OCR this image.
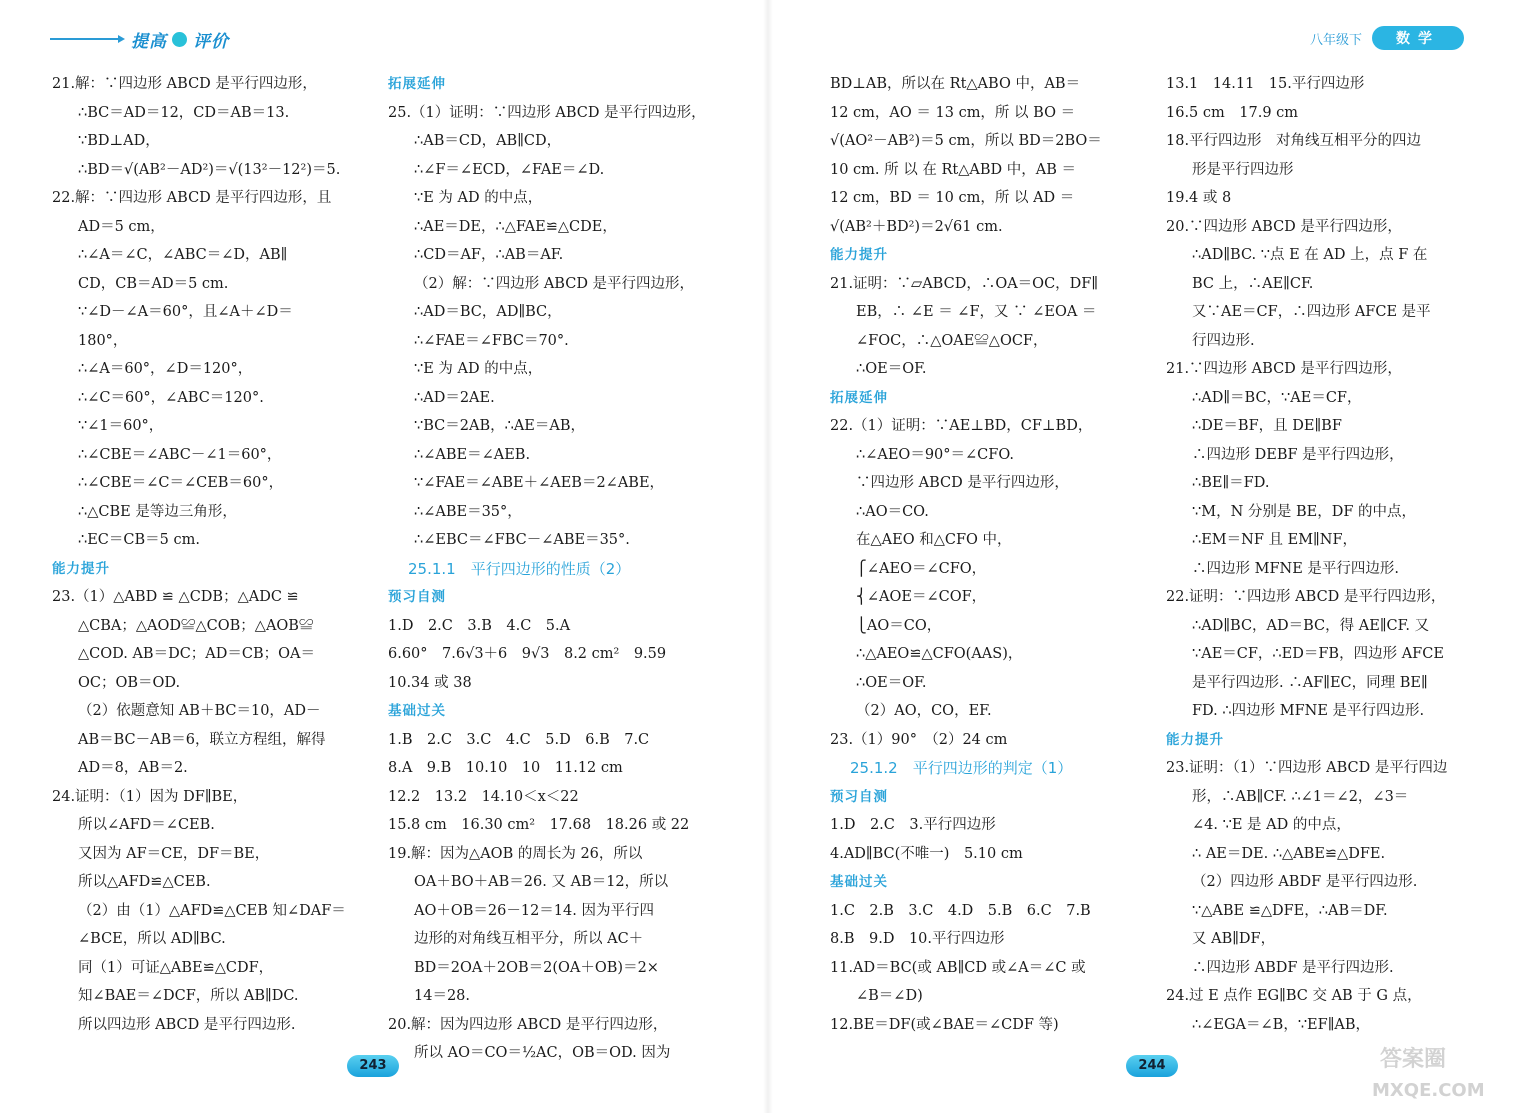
提高 评价
21.解：∵四边形 ABCD 是平行四边形，
∴BC＝AD＝12，CD＝AB＝13.
∵BD⊥AD，
∴BD＝√(AB²－AD²)＝√(13²－12²)＝5.
22.解：∵四边形 ABCD 是平行四边形，且
AD＝5 cm，
∴∠A＝∠C，∠ABC＝∠D，AB∥
CD，CB＝AD＝5 cm.
∵∠D－∠A＝60°，且∠A＋∠D＝
180°，
∴∠A＝60°，∠D＝120°，
∴∠C＝60°，∠ABC＝120°.
∵∠1＝60°，
∴∠CBE＝∠ABC－∠1＝60°，
∴∠CBE＝∠C＝∠CEB＝60°，
∴△CBE 是等边三角形，
∴EC＝CB＝5 cm.
能力提升
23.（1）△ABD ≌ △CDB；△ADC ≌
△CBA；△AOD≌△COB；△AOB≌
△COD. AB＝DC；AD＝CB；OA＝
OC；OB＝OD.
（2）依题意知 AB＋BC＝10，AD－
AB＝BC－AB＝6，联立方程组，解得
AD＝8，AB＝2.
24.证明：（1）因为 DF∥BE，
所以∠AFD＝∠CEB.
又因为 AF＝CE，DF＝BE，
所以△AFD≌△CEB.
（2）由（1）△AFD≌△CEB 知∠DAF＝
∠BCE，所以 AD∥BC.
同（1）可证△ABE≌△CDF，
知∠BAE＝∠DCF，所以 AB∥DC.
所以四边形 ABCD 是平行四边形.
拓展延伸
25.（1）证明：∵四边形 ABCD 是平行四边形，
∴AB＝CD，AB∥CD，
∴∠F＝∠ECD，∠FAE＝∠D.
∵E 为 AD 的中点，
∴AE＝DE，∴△FAE≌△CDE，
∴CD＝AF，∴AB＝AF.
（2）解：∵四边形 ABCD 是平行四边形，
∴AD＝BC，AD∥BC，
∴∠FAE＝∠FBC＝70°.
∵E 为 AD 的中点，
∴AD＝2AE.
∵BC＝2AB，∴AE＝AB，
∴∠ABE＝∠AEB.
∵∠FAE＝∠ABE＋∠AEB＝2∠ABE，
∴∠ABE＝35°，
∴∠EBC＝∠FBC－∠ABE＝35°.
25.1.1　平行四边形的性质（2）
预习自测
1.D　2.C　3.B　4.C　5.A
6.60°　7.6√3＋6　9√3　8.2 cm²　9.59
10.34 或 38
基础过关
1.B　2.C　3.C　4.C　5.D　6.B　7.C
8.A　9.B　10.10　10　11.12 cm
12.2　13.2　14.10＜x＜22
15.8 cm　16.30 cm²　17.68　18.26 或 22
19.解：因为△AOB 的周长为 26，所以
OA＋BO＋AB＝26. 又 AB＝12，所以
AO＋OB＝26－12＝14. 因为平行四
边形的对角线互相平分，所以 AC＋
BD＝2OA＋2OB＝2(OA＋OB)＝2×
14＝28.
20.解：因为四边形 ABCD 是平行四边形，
所以 AO＝CO＝½AC，OB＝OD. 因为
243
八年级下	数学
BD⊥AB，所以在 Rt△ABO 中，AB＝
12 cm，AO ＝ 13 cm，所 以 BO ＝
√(AO²－AB²)＝5 cm，所以 BD＝2BO＝
10 cm. 所 以 在 Rt△ABD 中，AB ＝
12 cm，BD ＝ 10 cm，所 以 AD ＝
√(AB²＋BD²)＝2√61 cm.
能力提升
21.证明：∵▱ABCD，∴OA＝OC，DF∥
EB，∴ ∠E ＝ ∠F，又 ∵ ∠EOA ＝
∠FOC，∴△OAE≌△OCF，
∴OE＝OF.
拓展延伸
22.（1）证明：∵AE⊥BD，CF⊥BD，
∴∠AEO＝90°＝∠CFO.
∵四边形 ABCD 是平行四边形，
∴AO＝CO.
在△AEO 和△CFO 中，
⎧∠AEO＝∠CFO，
⎨∠AOE＝∠COF，
⎩AO＝CO，
∴△AEO≌△CFO(AAS)，
∴OE＝OF.
（2）AO，CO，EF.
23.（1）90°　（2）24 cm
25.1.2　平行四边形的判定（1）
预习自测
1.D　2.C　3.平行四边形
4.AD∥BC(不唯一)　5.10 cm
基础过关
1.C　2.B　3.C　4.D　5.B　6.C　7.B
8.B　9.D　10.平行四边形
11.AD＝BC(或 AB∥CD 或∠A＝∠C 或
∠B＝∠D)
12.BE＝DF(或∠BAE＝∠CDF 等)
13.1　14.11　15.平行四边形
16.5 cm　17.9 cm
18.平行四边形　对角线互相平分的四边
形是平行四边形
19.4 或 8
20.∵四边形 ABCD 是平行四边形，
∴AD∥BC. ∵点 E 在 AD 上，点 F 在
BC 上，∴AE∥CF.
又∵AE＝CF，∴四边形 AFCE 是平
行四边形.
21.∵四边形 ABCD 是平行四边形，
∴AD∥＝BC，∵AE＝CF，
∴DE＝BF，且 DE∥BF
∴四边形 DEBF 是平行四边形，
∴BE∥＝FD.
∵M，N 分别是 BE，DF 的中点，
∴EM＝NF 且 EM∥NF，
∴四边形 MFNE 是平行四边形.
22.证明：∵四边形 ABCD 是平行四边形，
∴AD∥BC，AD＝BC，得 AE∥CF. 又
∵AE＝CF，∴ED＝FB，四边形 AFCE
是平行四边形. ∴AF∥EC，同理 BE∥
FD. ∴四边形 MFNE 是平行四边形.
能力提升
23.证明：（1）∵四边形 ABCD 是平行四边
形，∴AB∥CF. ∴∠1＝∠2，∠3＝
∠4. ∵E 是 AD 的中点，
∴ AE＝DE. ∴△ABE≌△DFE.
（2）四边形 ABDF 是平行四边形.
∵△ABE ≌△DFE，∴AB＝DF.
又 AB∥DF，
∴四边形 ABDF 是平行四边形.
24.过 E 点作 EG∥BC 交 AB 于 G 点，
∴∠EGA＝∠B，∵EF∥AB，
244	答案圈
MXQE.COM
